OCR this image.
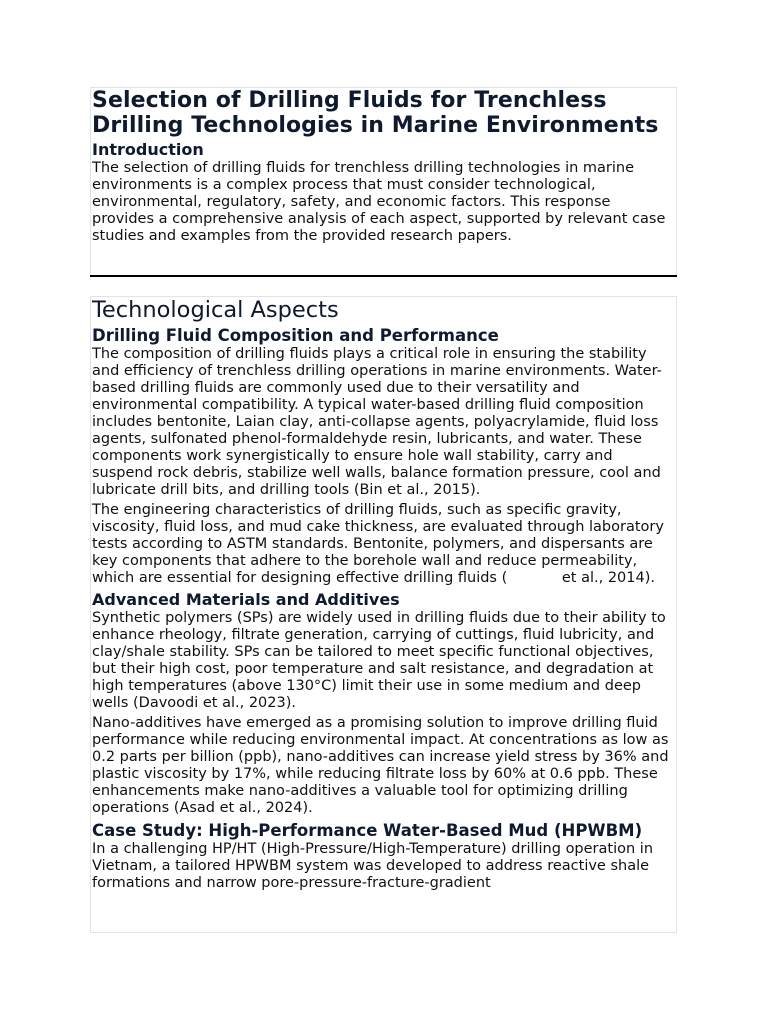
Selection of Drilling Fluids for Trenchless Drilling Technologies in Marine Environments
Introduction

The selection of drilling fluids for trenchless drilling technologies in marine environments is a complex process that must consider technological, environmental, regulatory, safety, and economic factors. This response provides a comprehensive analysis of each aspect, supported by relevant case studies and examples from the provided research papers.

Technological Aspects
Drilling Fluid Composition and Performance

The composition of drilling fluids plays a critical role in ensuring the stability and efficiency of trenchless drilling operations in marine environments. Water-based drilling fluids are commonly used due to their versatility and environmental compatibility. A typical water-based drilling fluid composition includes bentonite, Laian clay, anti-collapse agents, polyacrylamide, fluid loss agents, sulfonated phenol-formaldehyde resin, lubricants, and water. These components work synergistically to ensure hole wall stability, carry and suspend rock debris, stabilize well walls, balance formation pressure, cool and lubricate drill bits, and drilling tools (Bin et al., 2015).

The engineering characteristics of drilling fluids, such as specific gravity, viscosity, fluid loss, and mud cake thickness, are evaluated through laboratory tests according to ASTM standards. Bentonite, polymers, and dispersants are key components that adhere to the borehole wall and reduce permeability, which are essential for designing effective drilling fluids (	et al., 2014).

Advanced Materials and Additives

Synthetic polymers (SPs) are widely used in drilling fluids due to their ability to enhance rheology, filtrate generation, carrying of cuttings, fluid lubricity, and clay/shale stability. SPs can be tailored to meet specific functional objectives, but their high cost, poor temperature and salt resistance, and degradation at high temperatures (above 130°C) limit their use in some medium and deep wells (Davoodi et al., 2023).

Nano-additives have emerged as a promising solution to improve drilling fluid performance while reducing environmental impact. At concentrations as low as 0.2 parts per billion (ppb), nano-additives can increase yield stress by 36% and plastic viscosity by 17%, while reducing filtrate loss by 60% at 0.6 ppb. These enhancements make nano-additives a valuable tool for optimizing drilling operations (Asad et al., 2024).

Case Study: High-Performance Water-Based Mud (HPWBM)

In a challenging HP/HT (High-Pressure/High-Temperature) drilling operation in Vietnam, a tailored HPWBM system was developed to address reactive shale formations and narrow pore-pressure-fracture-gradient
